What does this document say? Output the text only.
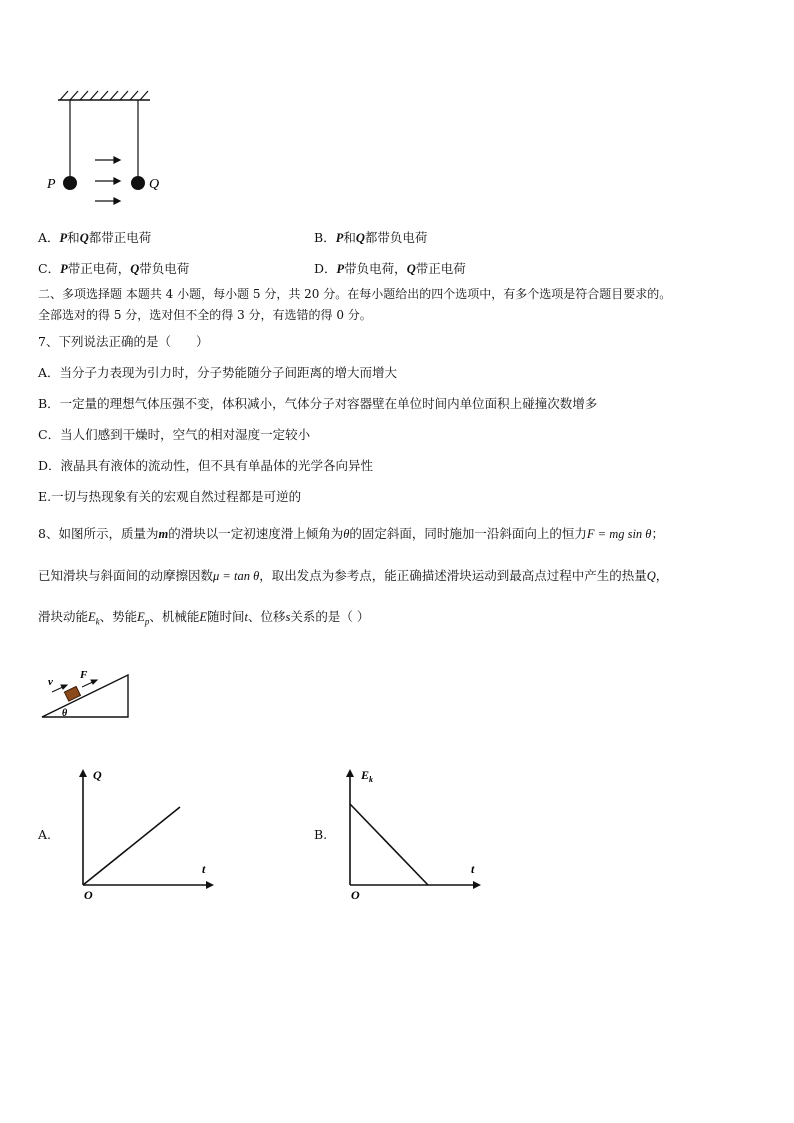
P	Q
A．P和Q都带正电荷	B．P和Q都带负电荷
C．P带正电荷，Q带负电荷	D．P带负电荷，Q带正电荷
二、多项选择题 本题共 4 小题，每小题 5 分，共 20 分。在每小题给出的四个选项中，有多个选项是符合题目要求的。
全部选对的得 5 分，选对但不全的得 3 分，有选错的得 0 分。
7、下列说法正确的是（　　）
A．当分子力表现为引力时，分子势能随分子间距离的增大而增大
B．一定量的理想气体压强不变，体积减小，气体分子对容器壁在单位时间内单位面积上碰撞次数增多
C．当人们感到干燥时，空气的相对湿度一定较小
D．液晶具有液体的流动性，但不具有单晶体的光学各向异性
E.一切与热现象有关的宏观自然过程都是可逆的
8、如图所示，质量为m的滑块以一定初速度滑上倾角为θ的固定斜面，同时施加一沿斜面向上的恒力F = mg sin θ；
已知滑块与斜面间的动摩擦因数μ = tan θ，取出发点为参考点，能正确描述滑块运动到最高点过程中产生的热量Q，
滑块动能$E_k$、势能$E_p$、机械能E随时间t、位移s关系的是（ ）
v
F
θ
A.
Q
t
O
B.
$E_k$
t
O
